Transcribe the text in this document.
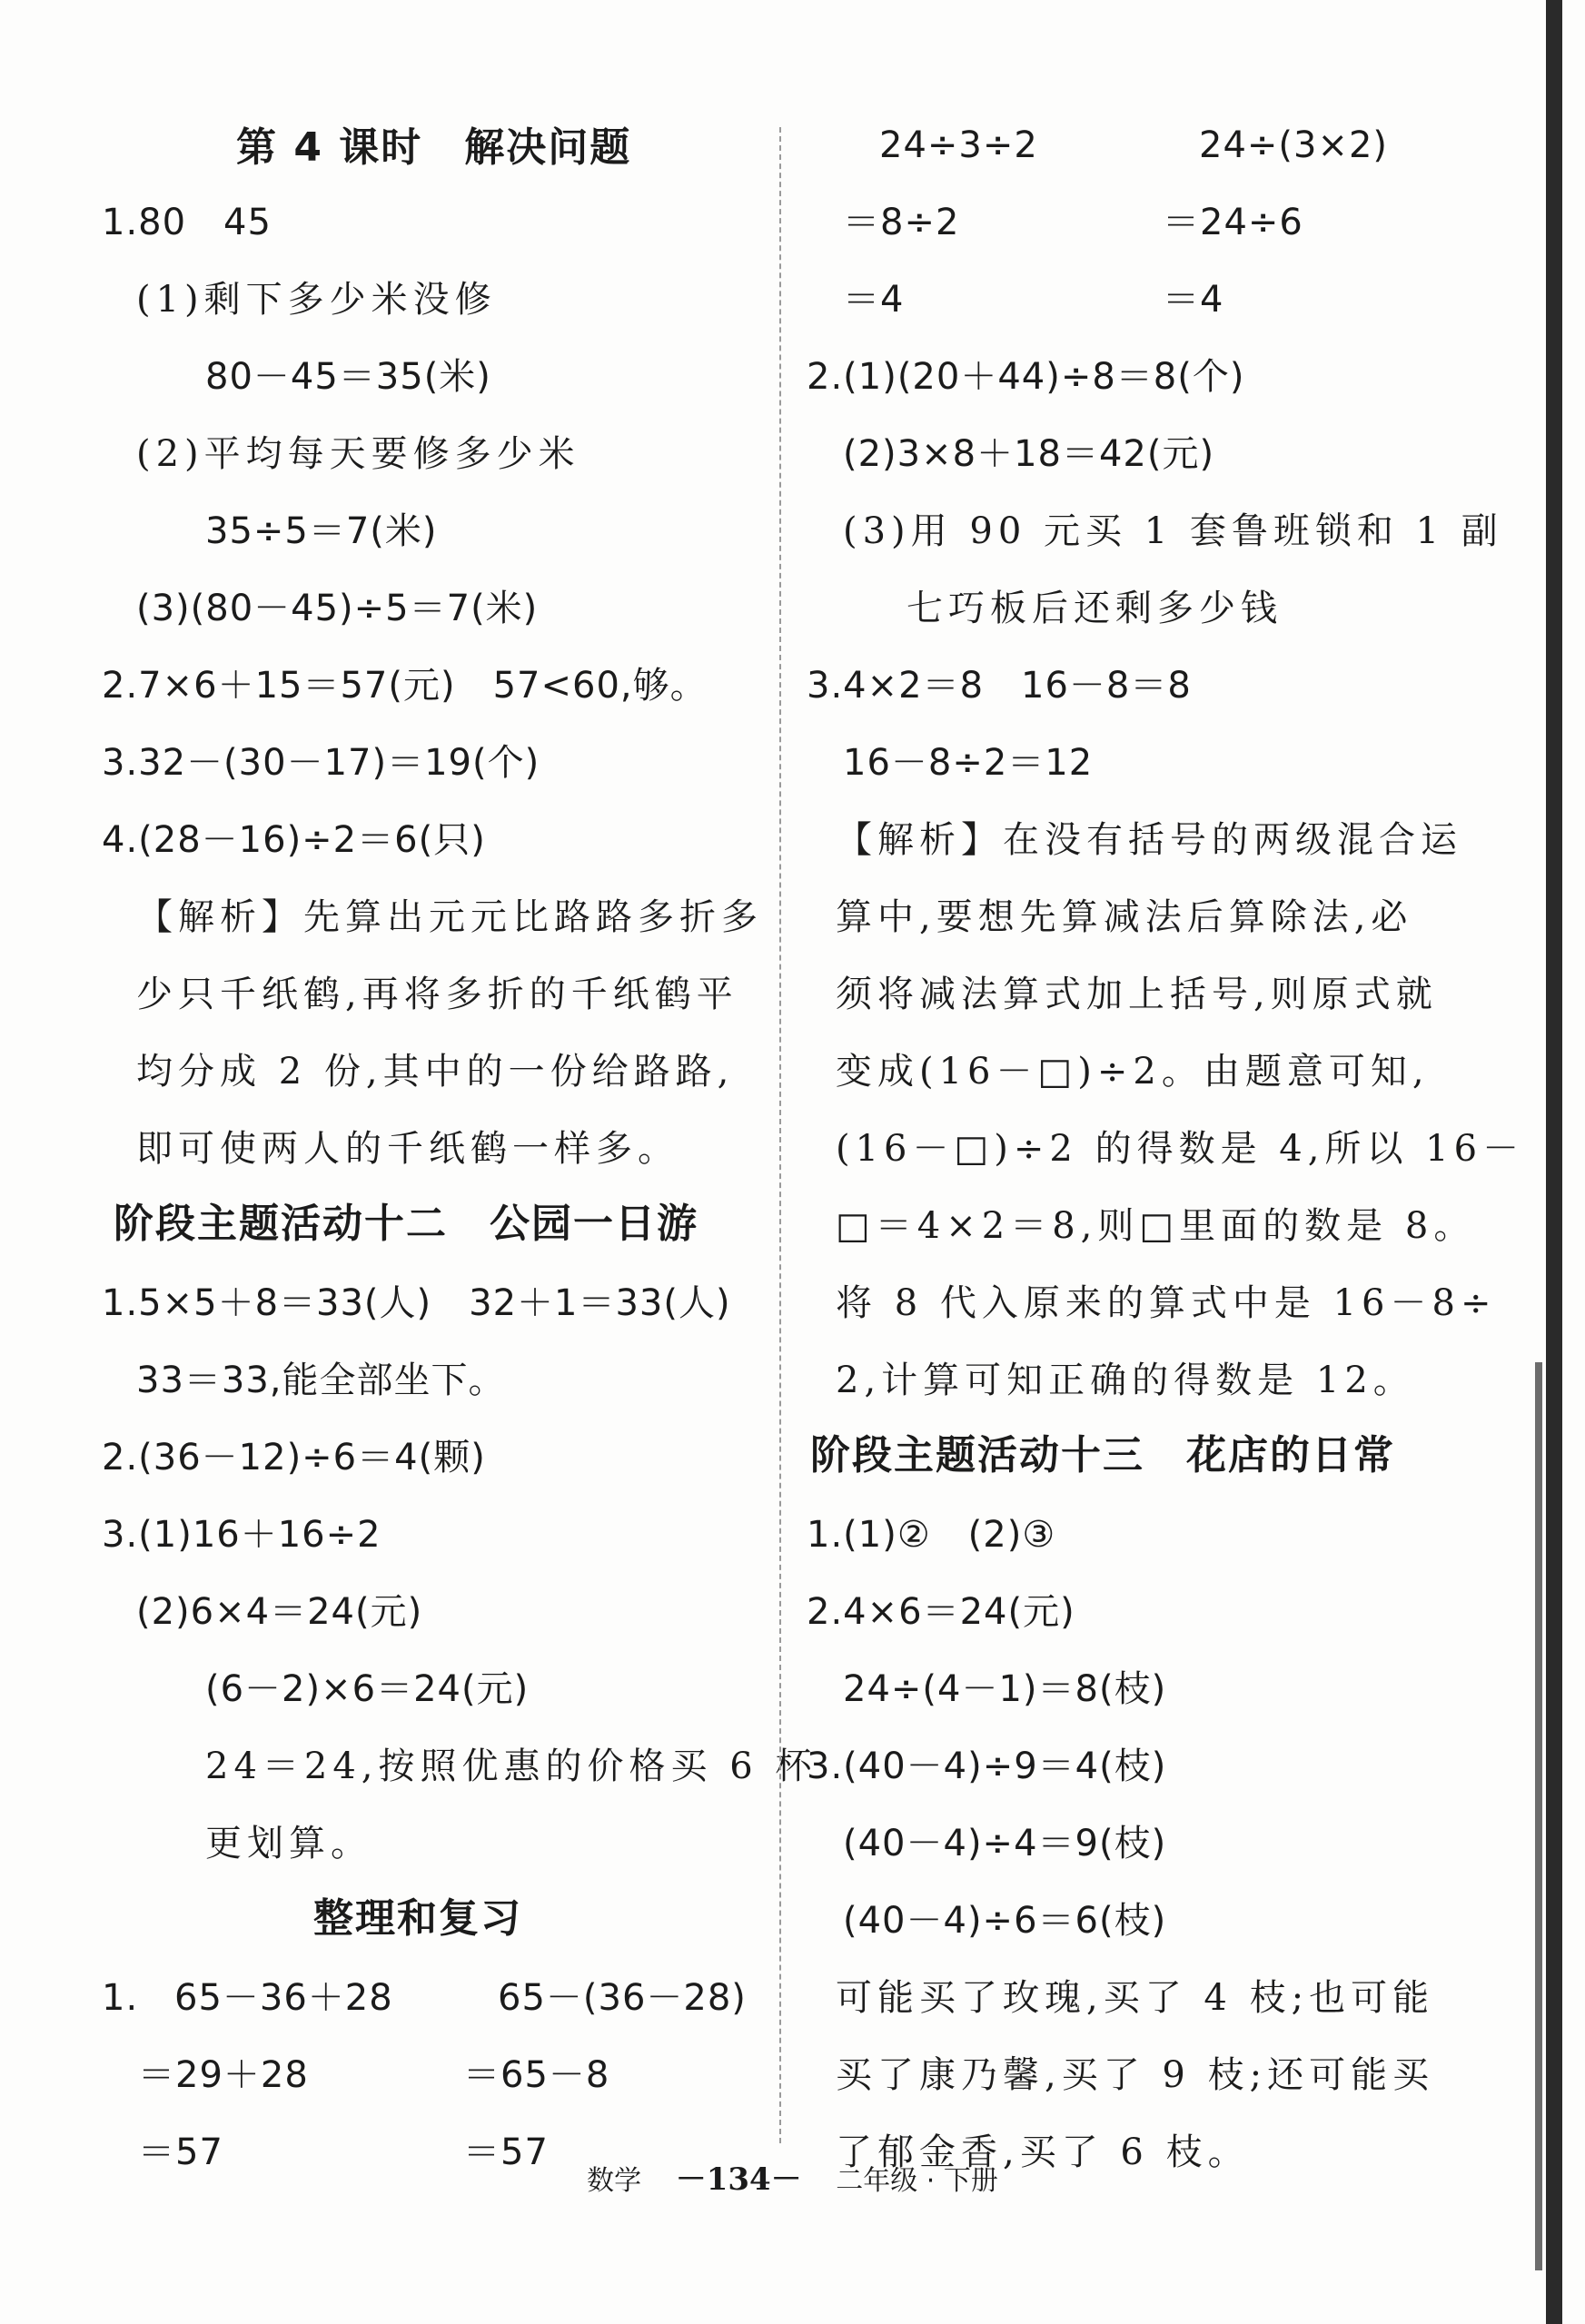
第 4 课时　解决问题
1.80　45
(1)剩下多少米没修
80－45＝35(米)
(2)平均每天要修多少米
35÷5＝7(米)
(3)(80－45)÷5＝7(米)
2.7×6＋15＝57(元)　57<60,够。
3.32－(30－17)＝19(个)
4.(28－16)÷2＝6(只)
【解析】先算出元元比路路多折多
少只千纸鹤,再将多折的千纸鹤平
均分成 2 份,其中的一份给路路,
即可使两人的千纸鹤一样多。
阶段主题活动十二　公园一日游
1.5×5＋8＝33(人)　32＋1＝33(人)
33＝33,能全部坐下。
2.(36－12)÷6＝4(颗)
3.(1)16＋16÷2
(2)6×4＝24(元)
(6－2)×6＝24(元)
24＝24,按照优惠的价格买 6 杯
更划算。
整理和复习
1. 65－36＋28
＝29＋28
＝57
65－(36－28)
＝65－8
＝57
24÷3÷2
＝8÷2
＝4
24÷(3×2)
＝24÷6
＝4
2.(1)(20＋44)÷8＝8(个)
(2)3×8＋18＝42(元)
(3)用 90 元买 1 套鲁班锁和 1 副
七巧板后还剩多少钱
3.4×2＝8　16－8＝8
16－8÷2＝12
【解析】在没有括号的两级混合运
算中,要想先算减法后算除法,必
须将减法算式加上括号,则原式就
变成(16－□)÷2。由题意可知,
(16－□)÷2 的得数是 4,所以 16－
□＝4×2＝8,则□里面的数是 8。
将 8 代入原来的算式中是 16－8÷
2,计算可知正确的得数是 12。
阶段主题活动十三　花店的日常
1.(1)②　(2)③
2.4×6＝24(元)
24÷(4－1)＝8(枝)
3.(40－4)÷9＝4(枝)
(40－4)÷4＝9(枝)
(40－4)÷6＝6(枝)
可能买了玫瑰,买了 4 枝;也可能
买了康乃馨,买了 9 枝;还可能买
了郁金香,买了 6 枝。
数学 －134－ 二年级 · 下册
